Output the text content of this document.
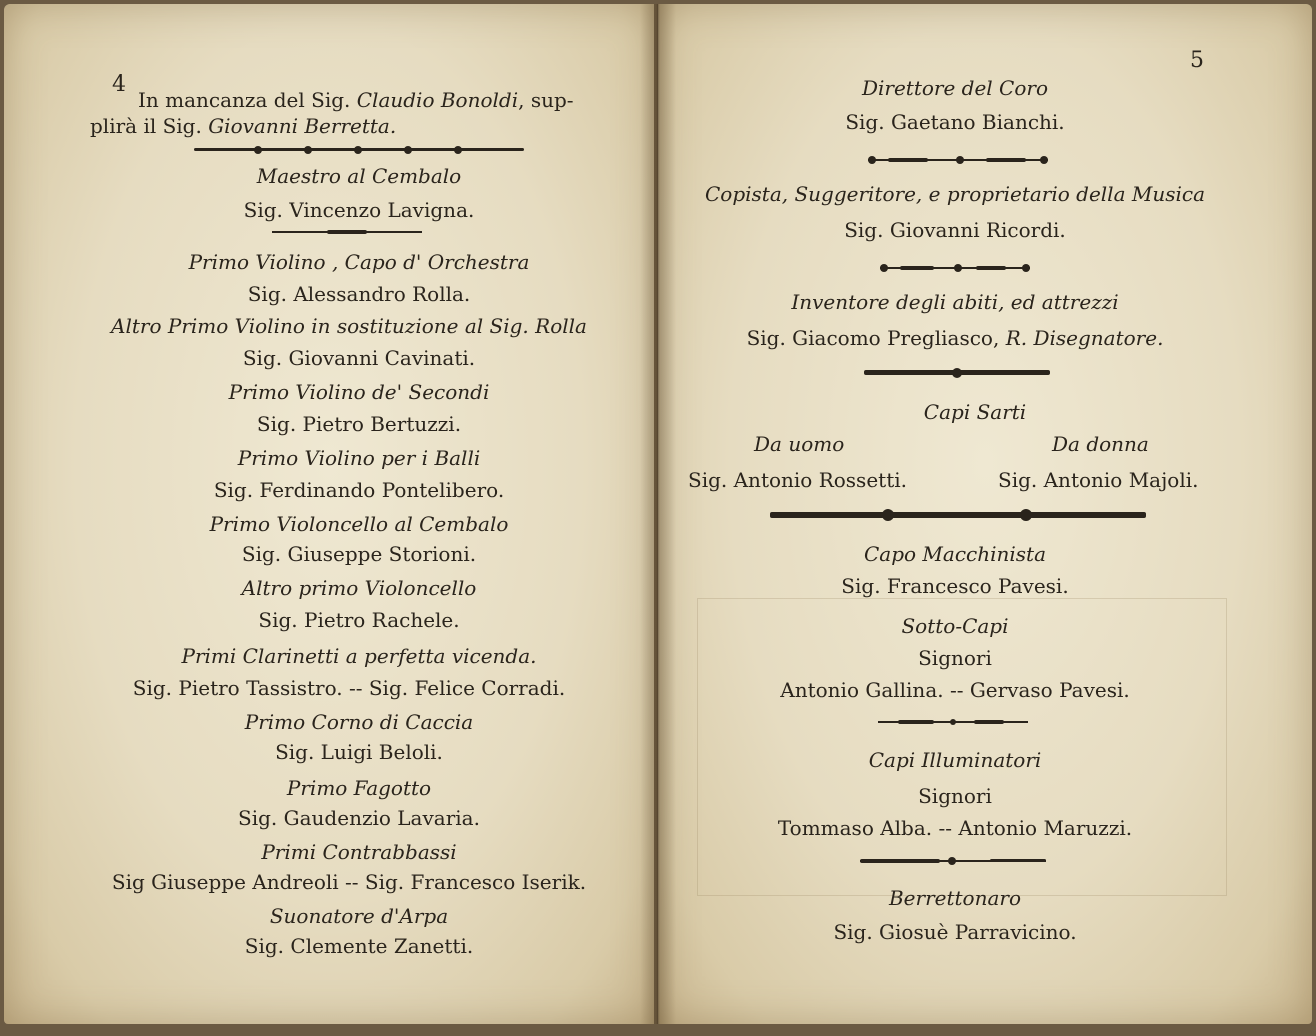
4
In mancanza del Sig. Claudio Bonoldi, sup-
plirà il Sig. Giovanni Berretta.
Maestro al Cembalo
Sig. Vincenzo Lavigna.
Primo Violino , Capo d' Orchestra
Sig. Alessandro Rolla.
Altro Primo Violino in sostituzione al Sig. Rolla
Sig. Giovanni Cavinati.
Primo Violino de' Secondi
Sig. Pietro Bertuzzi.
Primo Violino per i Balli
Sig. Ferdinando Pontelibero.
Primo Violoncello al Cembalo
Sig. Giuseppe Storioni.
Altro primo Violoncello
Sig. Pietro Rachele.
Primi Clarinetti a perfetta vicenda.
Sig. Pietro Tassistro. -- Sig. Felice Corradi.
Primo Corno di Caccia
Sig. Luigi Beloli.
Primo Fagotto
Sig. Gaudenzio Lavaria.
Primi Contrabbassi
Sig Giuseppe Andreoli -- Sig. Francesco Iserik.
Suonatore d'Arpa
Sig. Clemente Zanetti.
5
Direttore del Coro
Sig. Gaetano Bianchi.
Copista, Suggeritore, e proprietario della Musica
Sig. Giovanni Ricordi.
Inventore degli abiti, ed attrezzi
Sig. Giacomo Pregliasco, R. Disegnatore.
Capi Sarti
Da uomo	Da donna
Sig. Antonio Rossetti.	Sig. Antonio Majoli.
Capo Macchinista
Sig. Francesco Pavesi.
Sotto-Capi
Signori
Antonio Gallina. -- Gervaso Pavesi.
Capi Illuminatori
Signori
Tommaso Alba. -- Antonio Maruzzi.
Berrettonaro
Sig. Giosuè Parravicino.
